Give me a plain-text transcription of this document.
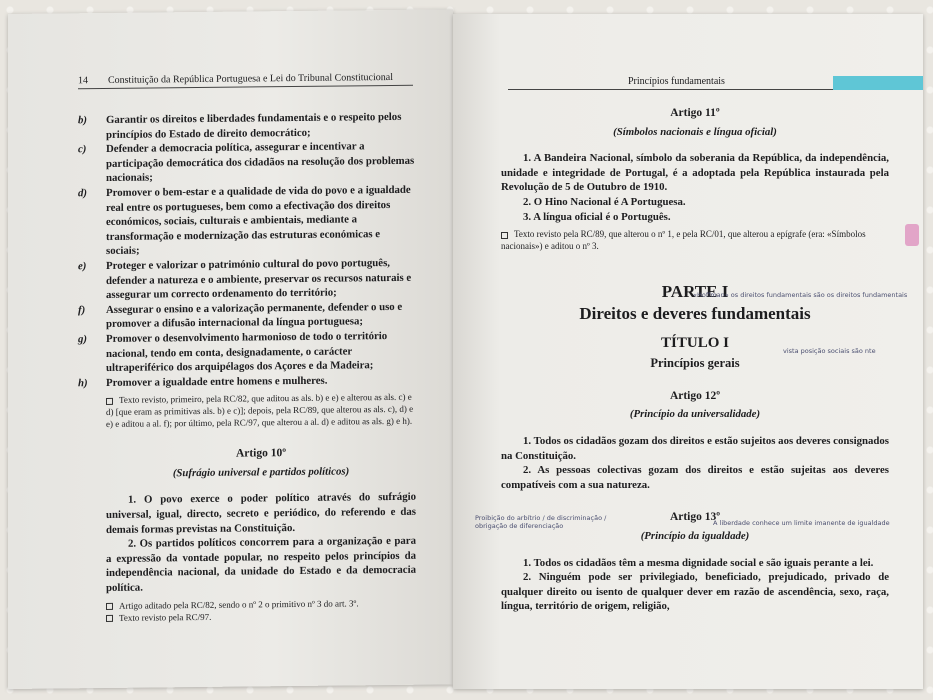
14 Constituição da República Portuguesa e Lei do Tribunal Constitucional
b)	Garantir os direitos e liberdades fundamentais e o respeito pelos princípios do Estado de direito democrático;
c)	Defender a democracia política, assegurar e incentivar a participação democrática dos cidadãos na resolução dos problemas nacionais;
d)	Promover o bem-estar e a qualidade de vida do povo e a igualdade real entre os portugueses, bem como a efectivação dos direitos económicos, sociais, culturais e ambientais, mediante a transformação e modernização das estruturas económicas e sociais;
e)	Proteger e valorizar o património cultural do povo português, defender a natureza e o ambiente, preservar os recursos naturais e assegurar um correcto ordenamento do território;
f)	Assegurar o ensino e a valorização permanente, defender o uso e promover a difusão internacional da língua portuguesa;
g)	Promover o desenvolvimento harmonioso de todo o território nacional, tendo em conta, designadamente, o carácter ultraperiférico dos arquipélagos dos Açores e da Madeira;
h)	Promover a igualdade entre homens e mulheres.
Texto revisto, primeiro, pela RC/82, que aditou as als. b) e e) e alterou as als. c) e d) [que eram as primitivas als. b) e c)]; depois, pela RC/89, que alterou as als. c), d) e e) e aditou a al. f); por último, pela RC/97, que alterou a al. d) e aditou as als. g) e h).
Artigo 10º
(Sufrágio universal e partidos políticos)
1. O povo exerce o poder político através do sufrágio universal, igual, directo, secreto e periódico, do referendo e das demais formas previstas na Constituição.
2. Os partidos políticos concorrem para a organização e para a expressão da vontade popular, no respeito pelos princípios da independência nacional, da unidade do Estado e da democracia política.
Artigo aditado pela RC/82, sendo o nº 2 o primitivo nº 3 do art. 3º.
Texto revisto pela RC/97.
Princípios fundamentais
Artigo 11º
(Símbolos nacionais e língua oficial)
1. A Bandeira Nacional, símbolo da soberania da República, da independência, unidade e integridade de Portugal, é a adoptada pela República instaurada pela Revolução de 5 de Outubro de 1910.
2. O Hino Nacional é A Portuguesa.
3. A língua oficial é o Português.
Texto revisto pela RC/89, que alterou o nº 1, e pela RC/01, que alterou a epígrafe (era: «Símbolos nacionais») e aditou o nº 3.
PARTE I
Direitos e deveres fundamentais
TÍTULO I
Princípios gerais
Artigo 12º
(Princípio da universalidade)
1. Todos os cidadãos gozam dos direitos e estão sujeitos aos deveres consignados na Constituição.
2. As pessoas colectivas gozam dos direitos e estão sujeitas aos deveres compatíveis com a sua natureza.
Artigo 13º
(Princípio da igualdade)
1. Todos os cidadãos têm a mesma dignidade social e são iguais perante a lei.
2. Ninguém pode ser privilegiado, beneficiado, prejudicado, privado de qualquer direito ou isento de qualquer dever em razão de ascendência, sexo, raça, língua, território de origem, religião,
«Hoffman» os direitos fundamentais são os direitos fundamentais
Proibição do arbítrio / de discriminação / obrigação de diferenciação	A liberdade conhece um limite imanente de igualdade
vista posição sociais são nte
